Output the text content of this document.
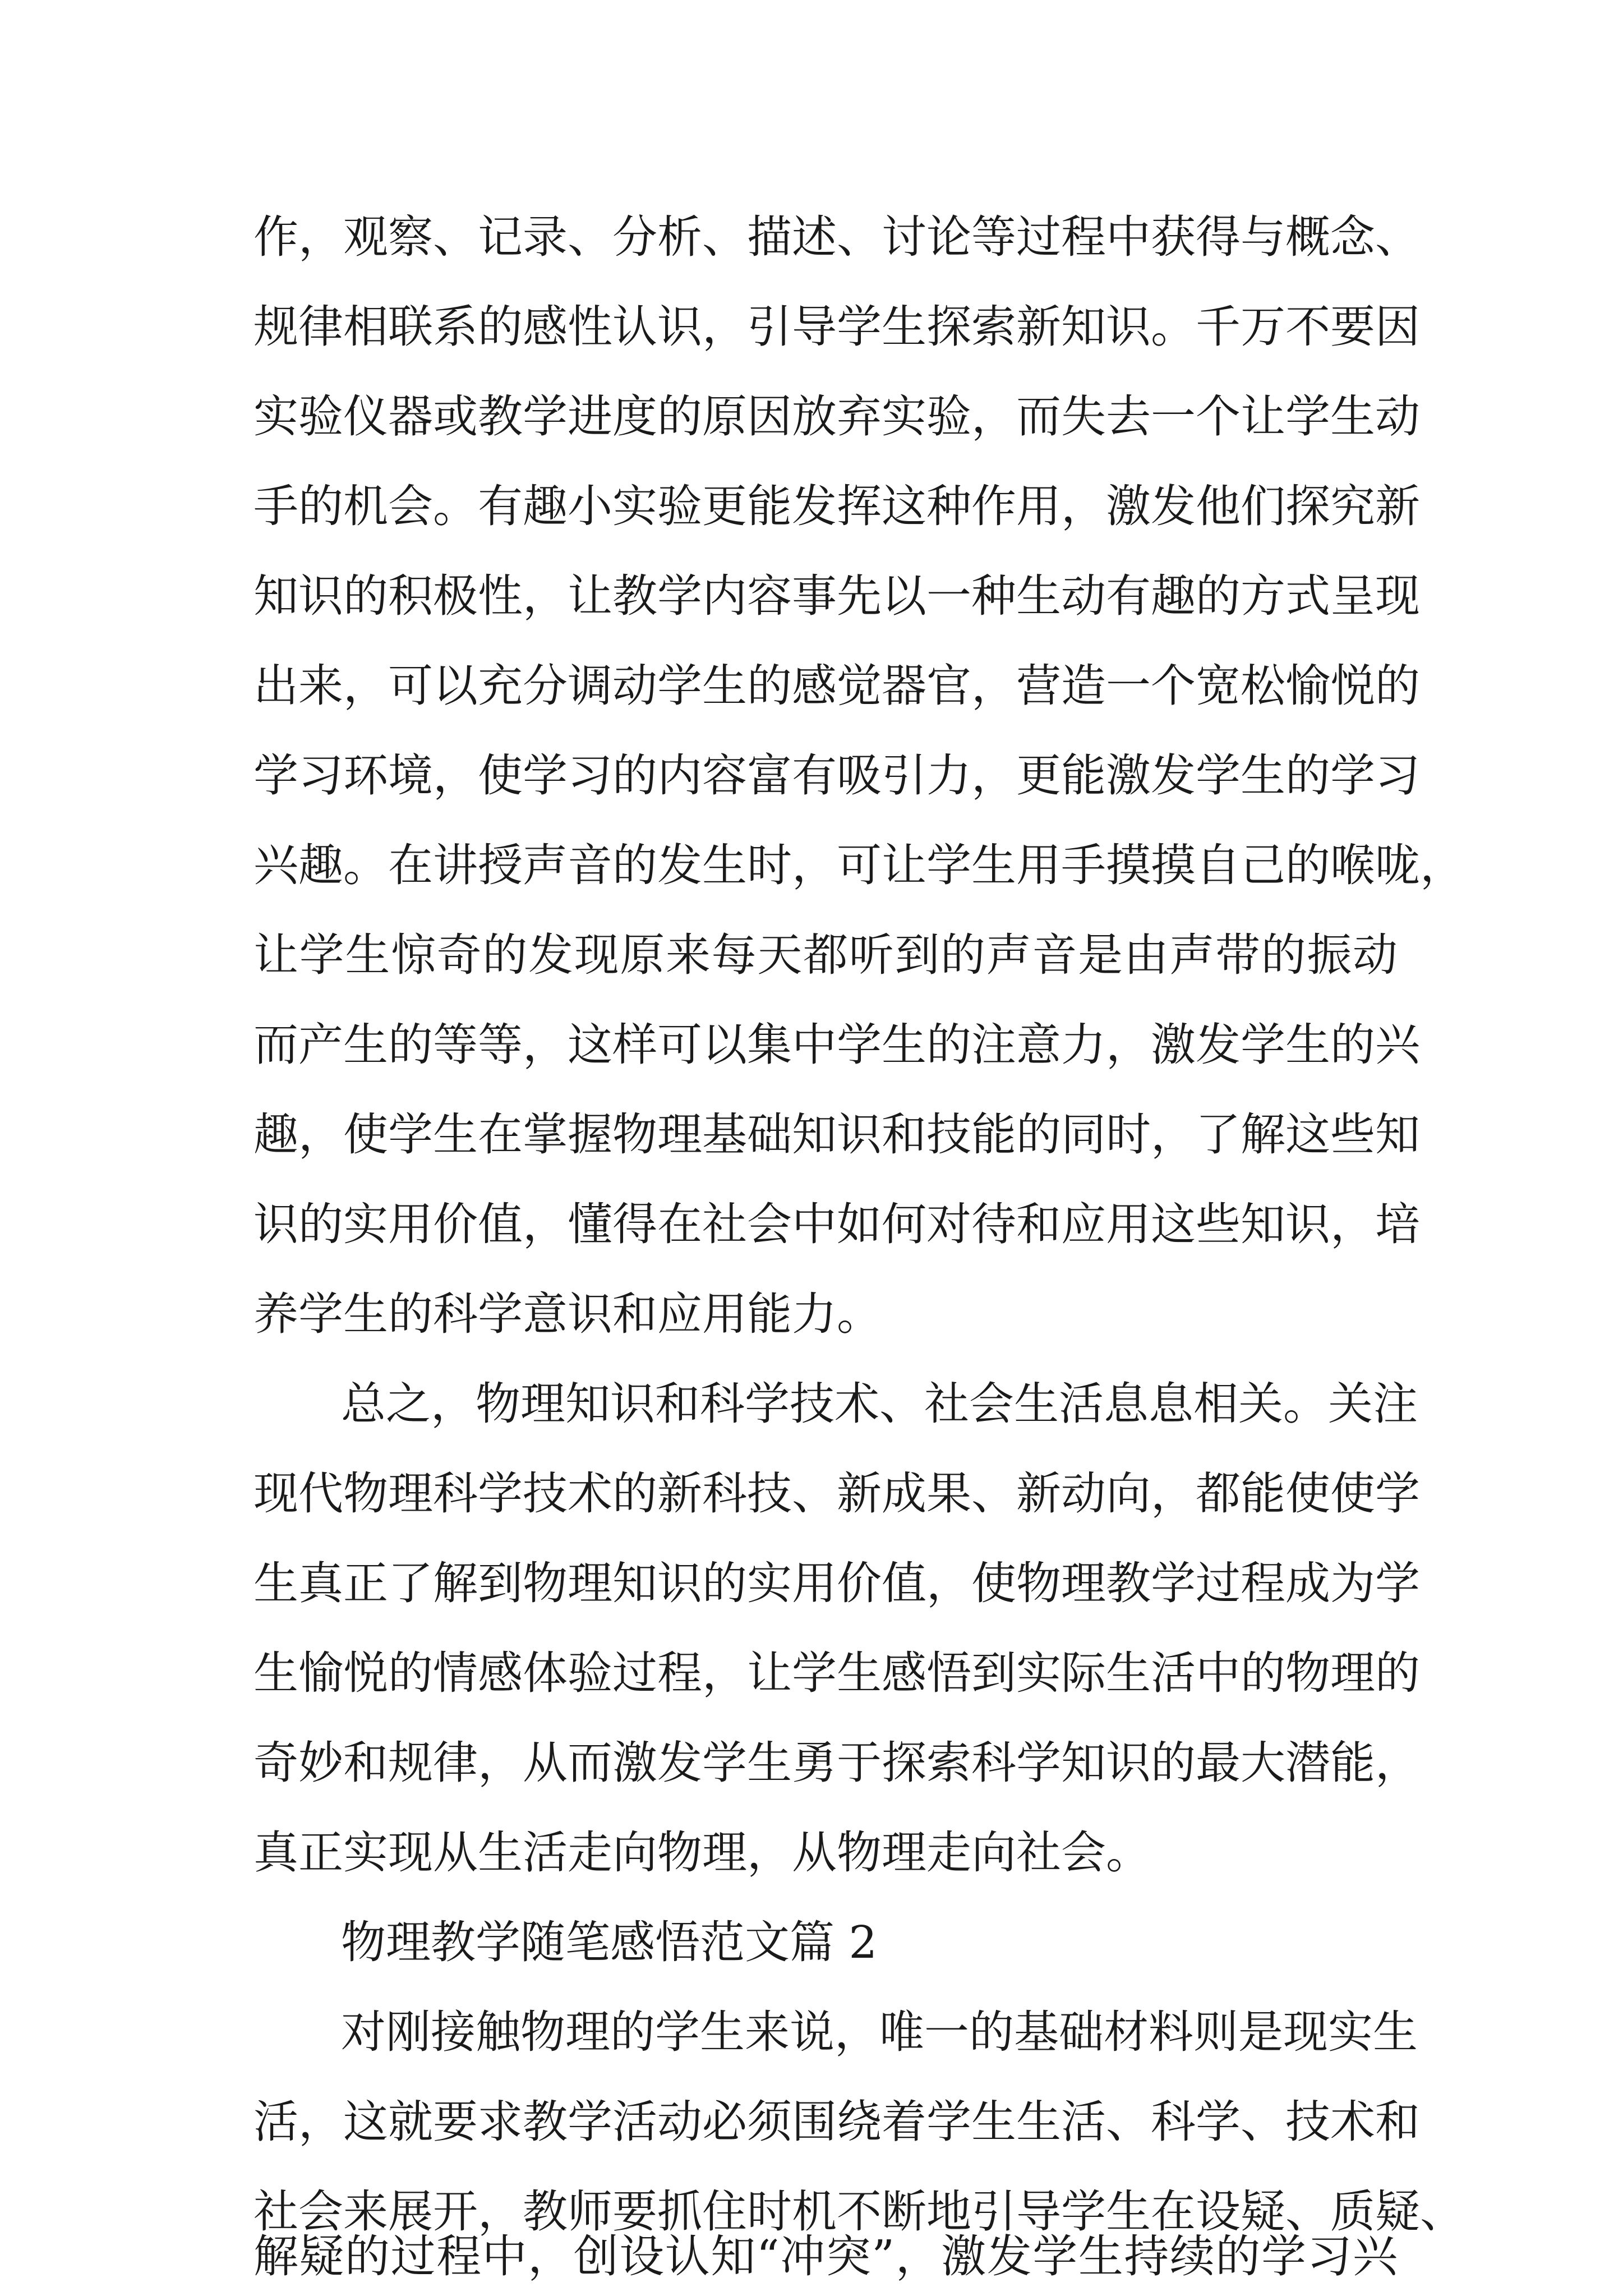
作，观察、记录、分析、描述、讨论等过程中获得与概念、

规律相联系的感性认识，引导学生探索新知识。千万不要因

实验仪器或教学进度的原因放弃实验，而失去一个让学生动

手的机会。有趣小实验更能发挥这种作用，激发他们探究新

知识的积极性，让教学内容事先以一种生动有趣的方式呈现

出来，可以充分调动学生的感觉器官，营造一个宽松愉悦的

学习环境，使学习的内容富有吸引力，更能激发学生的学习

兴趣。在讲授声音的发生时，可让学生用手摸摸自己的喉咙，

让学生惊奇的发现原来每天都听到的声音是由声带的振动

而产生的等等，这样可以集中学生的注意力，激发学生的兴

趣，使学生在掌握物理基础知识和技能的同时，了解这些知

识的实用价值，懂得在社会中如何对待和应用这些知识，培

养学生的科学意识和应用能力。

总之，物理知识和科学技术、社会生活息息相关。关注

现代物理科学技术的新科技、新成果、新动向，都能使使学

生真正了解到物理知识的实用价值，使物理教学过程成为学

生愉悦的情感体验过程，让学生感悟到实际生活中的物理的

奇妙和规律，从而激发学生勇于探索科学知识的最大潜能，

真正实现从生活走向物理，从物理走向社会。

物理教学随笔感悟范文篇 2

对刚接触物理的学生来说，唯一的基础材料则是现实生

活，这就要求教学活动必须围绕着学生生活、科学、技术和

社会来展开，教师要抓住时机不断地引导学生在设疑、质疑、

解疑的过程中，创设认知“冲突”，激发学生持续的学习兴
